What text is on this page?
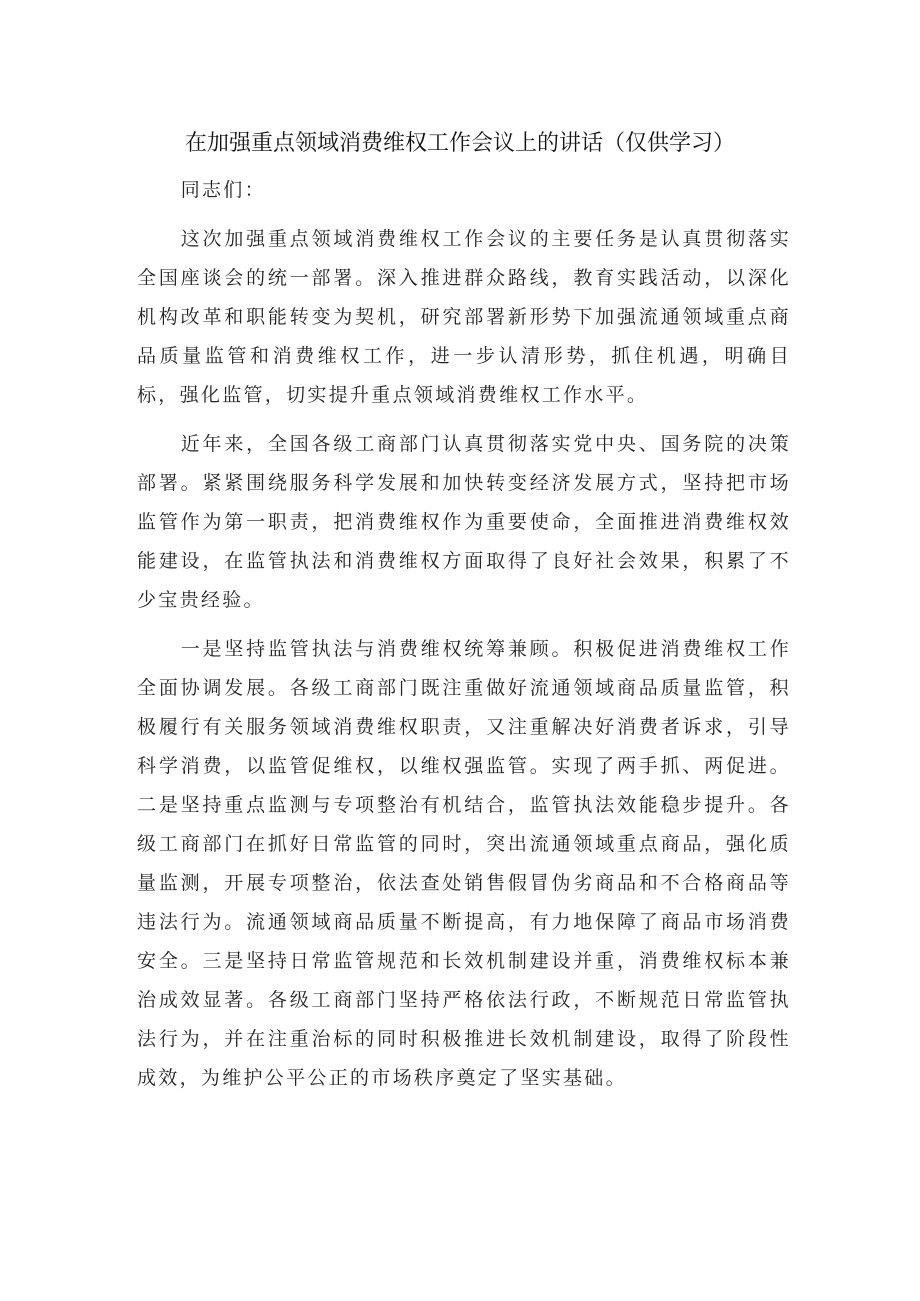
在加强重点领域消费维权工作会议上的讲话（仅供学习）

同志们：

这次加强重点领域消费维权工作会议的主要任务是认真贯彻落实全国座谈会的统一部署。深入推进群众路线，教育实践活动，以深化机构改革和职能转变为契机，研究部署新形势下加强流通领域重点商品质量监管和消费维权工作，进一步认清形势，抓住机遇，明确目标，强化监管，切实提升重点领域消费维权工作水平。

近年来，全国各级工商部门认真贯彻落实党中央、国务院的决策部署。紧紧围绕服务科学发展和加快转变经济发展方式，坚持把市场监管作为第一职责，把消费维权作为重要使命，全面推进消费维权效能建设，在监管执法和消费维权方面取得了良好社会效果，积累了不少宝贵经验。

一是坚持监管执法与消费维权统筹兼顾。积极促进消费维权工作全面协调发展。各级工商部门既注重做好流通领域商品质量监管，积极履行有关服务领域消费维权职责，又注重解决好消费者诉求，引导科学消费，以监管促维权，以维权强监管。实现了两手抓、两促进。二是坚持重点监测与专项整治有机结合，监管执法效能稳步提升。各级工商部门在抓好日常监管的同时，突出流通领域重点商品，强化质量监测，开展专项整治，依法查处销售假冒伪劣商品和不合格商品等违法行为。流通领域商品质量不断提高，有力地保障了商品市场消费安全。三是坚持日常监管规范和长效机制建设并重，消费维权标本兼治成效显著。各级工商部门坚持严格依法行政，不断规范日常监管执法行为，并在注重治标的同时积极推进长效机制建设，取得了阶段性成效，为维护公平公正的市场秩序奠定了坚实基础。
